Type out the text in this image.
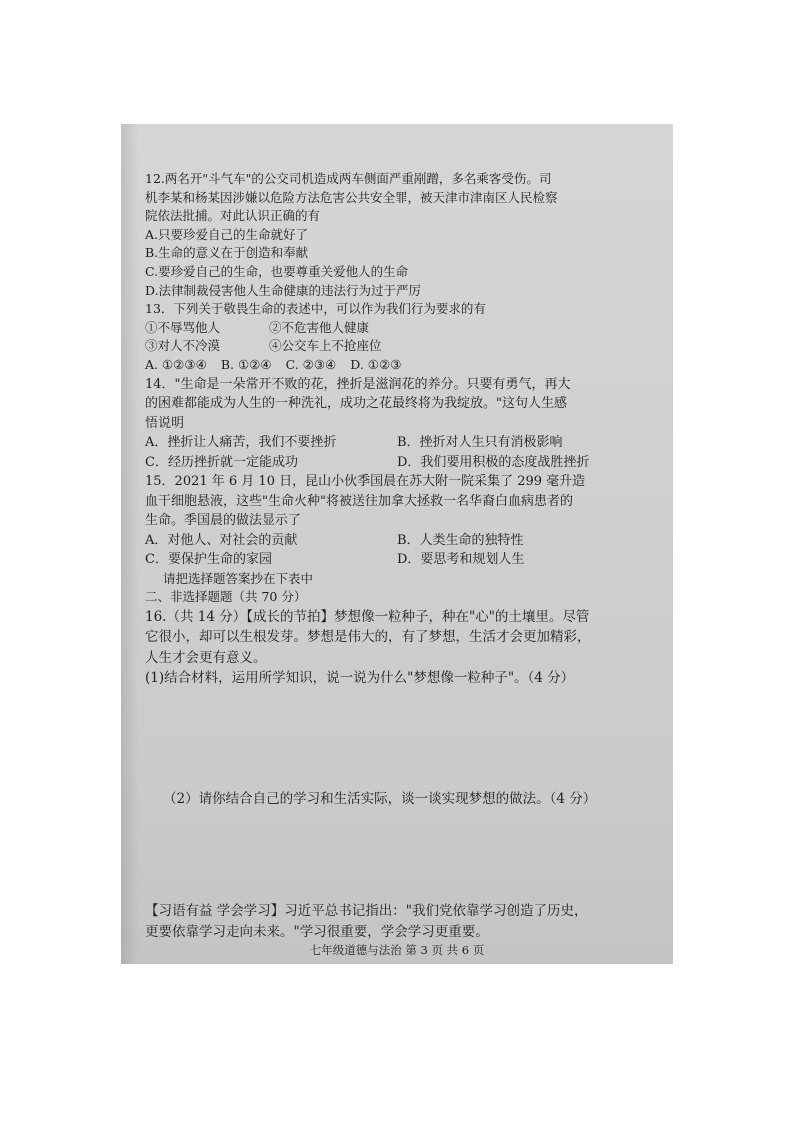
12.两名开"斗气车"的公交司机造成两车侧面严重剐蹭，多名乘客受伤。司
机李某和杨某因涉嫌以危险方法危害公共安全罪，被天津市津南区人民检察
院依法批捕。对此认识正确的有
A.只要珍爱自己的生命就好了
B.生命的意义在于创造和奉献
C.要珍爱自己的生命，也要尊重关爱他人的生命
D.法律制裁侵害他人生命健康的违法行为过于严厉
13．下列关于敬畏生命的表述中，可以作为我们行为要求的有
①不辱骂他人	②不危害他人健康
③对人不冷漠	④公交车上不抢座位
A. ①②③④ B. ①②④ C. ②③④ D. ①②③
14．"生命是一朵常开不败的花，挫折是滋润花的养分。只要有勇气，再大
的困难都能成为人生的一种洗礼，成功之花最终将为我绽放。"这句人生感
悟说明
A．挫折让人痛苦，我们不要挫折	B．挫折对人生只有消极影响
C．经历挫折就一定能成功	D．我们要用积极的态度战胜挫折
15．2021 年 6 月 10 日，昆山小伙季国晨在苏大附一院采集了 299 毫升造
血干细胞悬液，这些"生命火种"将被送往加拿大拯救一名华裔白血病患者的
生命。季国晨的做法显示了
A．对他人、对社会的贡献	B．人类生命的独特性
C．要保护生命的家园	D．要思考和规划人生
请把选择题答案抄在下表中
二、非选择题题（共 70 分）
16.（共 14 分）【成长的节拍】梦想像一粒种子，种在"心"的土壤里。尽管
它很小，却可以生根发芽。梦想是伟大的，有了梦想，生活才会更加精彩，
人生才会更有意义。
(1)结合材料，运用所学知识，说一说为什么"梦想像一粒种子"。（4 分）
（2）请你结合自己的学习和生活实际，谈一谈实现梦想的做法。（4 分）
【习语有益 学会学习】习近平总书记指出："我们党依靠学习创造了历史，
更要依靠学习走向未来。"学习很重要，学会学习更重要。
七年级道德与法治 第 3 页 共 6 页
